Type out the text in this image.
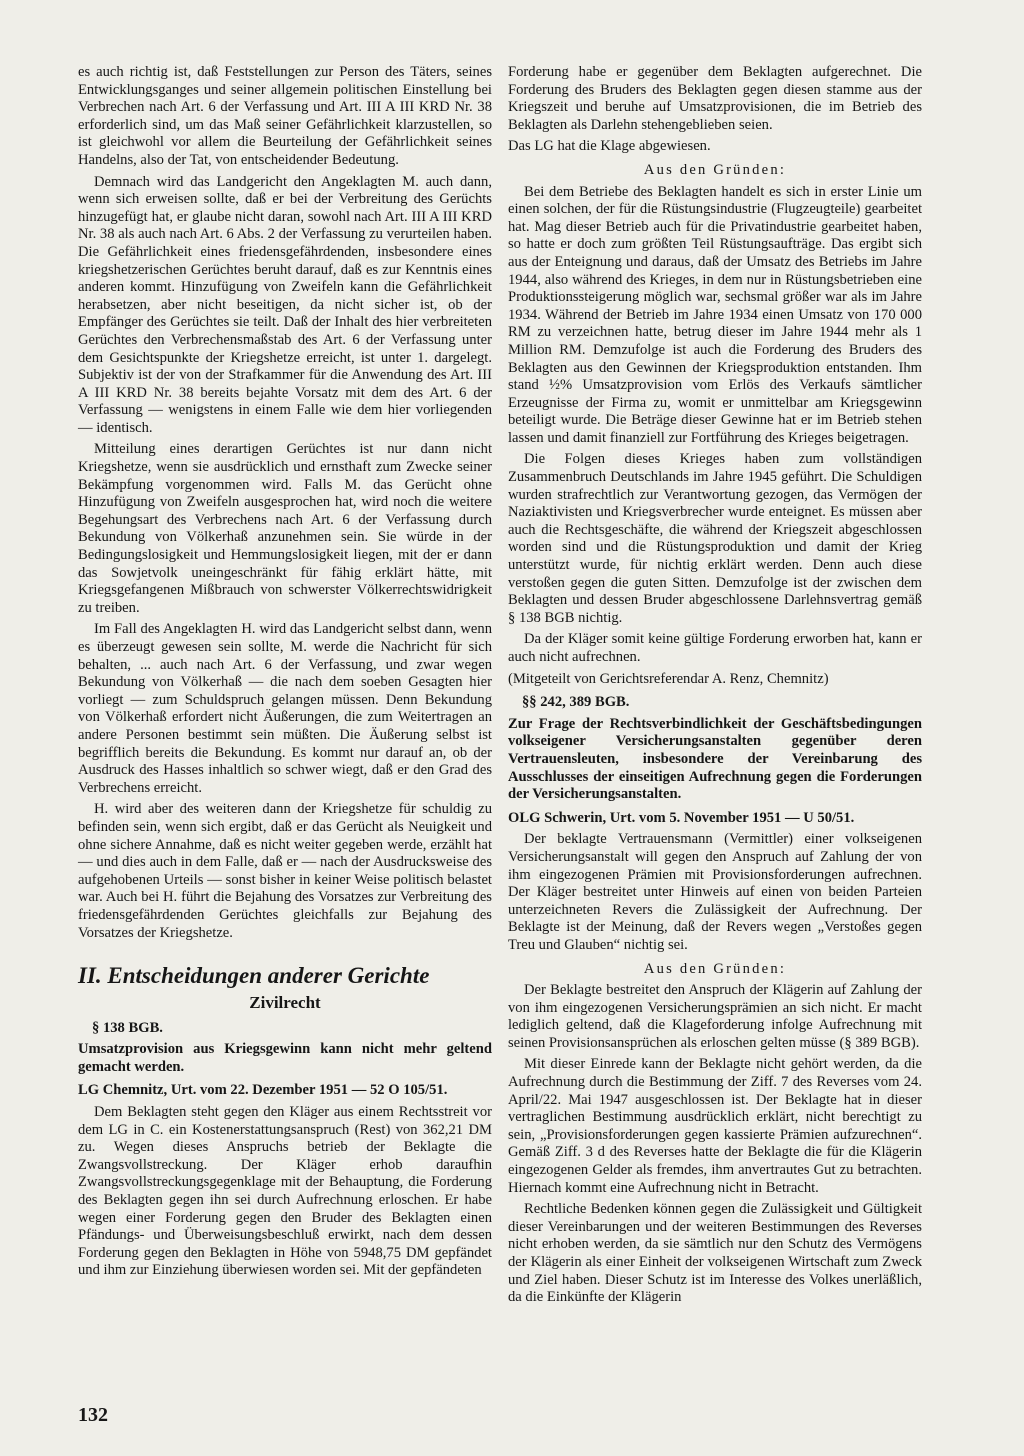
es auch richtig ist, daß Feststellungen zur Person des Täters, seines Entwicklungsganges und seiner allgemein politischen Einstellung bei Verbrechen nach Art. 6 der Verfassung und Art. III A III KRD Nr. 38 erforderlich sind, um das Maß seiner Gefährlichkeit klarzustellen, so ist gleichwohl vor allem die Beurteilung der Gefährlichkeit seines Handelns, also der Tat, von entscheidender Bedeutung.

Demnach wird das Landgericht den Angeklagten M. auch dann, wenn sich erweisen sollte, daß er bei der Verbreitung des Gerüchts hinzugefügt hat, er glaube nicht daran, sowohl nach Art. III A III KRD Nr. 38 als auch nach Art. 6 Abs. 2 der Verfassung zu verurteilen haben. Die Gefährlichkeit eines friedensgefährdenden, insbesondere eines kriegshetzerischen Gerüchtes beruht darauf, daß es zur Kenntnis eines anderen kommt. Hinzufügung von Zweifeln kann die Gefährlichkeit herabsetzen, aber nicht beseitigen, da nicht sicher ist, ob der Empfänger des Gerüchtes sie teilt. Daß der Inhalt des hier verbreiteten Gerüchtes den Verbrechensmaßstab des Art. 6 der Verfassung unter dem Gesichtspunkte der Kriegshetze erreicht, ist unter 1. dargelegt. Subjektiv ist der von der Strafkammer für die Anwendung des Art. III A III KRD Nr. 38 bereits bejahte Vorsatz mit dem des Art. 6 der Verfassung — wenigstens in einem Falle wie dem hier vorliegenden — identisch.

Mitteilung eines derartigen Gerüchtes ist nur dann nicht Kriegshetze, wenn sie ausdrücklich und ernsthaft zum Zwecke seiner Bekämpfung vorgenommen wird. Falls M. das Gerücht ohne Hinzufügung von Zweifeln ausgesprochen hat, wird noch die weitere Begehungsart des Verbrechens nach Art. 6 der Verfassung durch Bekundung von Völkerhaß anzunehmen sein. Sie würde in der Bedingungslosigkeit und Hemmungslosigkeit liegen, mit der er dann das Sowjetvolk uneingeschränkt für fähig erklärt hätte, mit Kriegsgefangenen Mißbrauch von schwerster Völkerrechtswidrigkeit zu treiben.

Im Fall des Angeklagten H. wird das Landgericht selbst dann, wenn es überzeugt gewesen sein sollte, M. werde die Nachricht für sich behalten, ... auch nach Art. 6 der Verfassung, und zwar wegen Bekundung von Völkerhaß — die nach dem soeben Gesagten hier vorliegt — zum Schuldspruch gelangen müssen. Denn Bekundung von Völkerhaß erfordert nicht Äußerungen, die zum Weitertragen an andere Personen bestimmt sein müßten. Die Äußerung selbst ist begrifflich bereits die Bekundung. Es kommt nur darauf an, ob der Ausdruck des Hasses inhaltlich so schwer wiegt, daß er den Grad des Verbrechens erreicht.

H. wird aber des weiteren dann der Kriegshetze für schuldig zu befinden sein, wenn sich ergibt, daß er das Gerücht als Neuigkeit und ohne sichere Annahme, daß es nicht weiter gegeben werde, erzählt hat — und dies auch in dem Falle, daß er — nach der Ausdrucksweise des aufgehobenen Urteils — sonst bisher in keiner Weise politisch belastet war. Auch bei H. führt die Bejahung des Vorsatzes zur Verbreitung des friedensgefährdenden Gerüchtes gleichfalls zur Bejahung des Vorsatzes der Kriegshetze.

II. Entscheidungen anderer Gerichte
Zivilrecht
§ 138 BGB.
Umsatzprovision aus Kriegsgewinn kann nicht mehr geltend gemacht werden.
LG Chemnitz, Urt. vom 22. Dezember 1951 — 52 O 105/51.

Dem Beklagten steht gegen den Kläger aus einem Rechtsstreit vor dem LG in C. ein Kostenerstattungsanspruch (Rest) von 362,21 DM zu. Wegen dieses Anspruchs betrieb der Beklagte die Zwangsvollstreckung. Der Kläger erhob daraufhin Zwangsvollstreckungsgegenklage mit der Behauptung, die Forderung des Beklagten gegen ihn sei durch Aufrechnung erloschen. Er habe wegen einer Forderung gegen den Bruder des Beklagten einen Pfändungs- und Überweisungsbeschluß erwirkt, nach dem dessen Forderung gegen den Beklagten in Höhe von 5948,75 DM gepfändet und ihm zur Einziehung überwiesen worden sei. Mit der gepfändeten

Forderung habe er gegenüber dem Beklagten aufgerechnet. Die Forderung des Bruders des Beklagten gegen diesen stamme aus der Kriegszeit und beruhe auf Umsatzprovisionen, die im Betrieb des Beklagten als Darlehn stehengeblieben seien.

Das LG hat die Klage abgewiesen.

Aus den Gründen:

Bei dem Betriebe des Beklagten handelt es sich in erster Linie um einen solchen, der für die Rüstungsindustrie (Flugzeugteile) gearbeitet hat. Mag dieser Betrieb auch für die Privatindustrie gearbeitet haben, so hatte er doch zum größten Teil Rüstungsaufträge. Das ergibt sich aus der Enteignung und daraus, daß der Umsatz des Betriebs im Jahre 1944, also während des Krieges, in dem nur in Rüstungsbetrieben eine Produktionssteigerung möglich war, sechsmal größer war als im Jahre 1934. Während der Betrieb im Jahre 1934 einen Umsatz von 170 000 RM zu verzeichnen hatte, betrug dieser im Jahre 1944 mehr als 1 Million RM. Demzufolge ist auch die Forderung des Bruders des Beklagten aus den Gewinnen der Kriegsproduktion entstanden. Ihm stand ½% Umsatzprovision vom Erlös des Verkaufs sämtlicher Erzeugnisse der Firma zu, womit er unmittelbar am Kriegsgewinn beteiligt wurde. Die Beträge dieser Gewinne hat er im Betrieb stehen lassen und damit finanziell zur Fortführung des Krieges beigetragen.

Die Folgen dieses Krieges haben zum vollständigen Zusammenbruch Deutschlands im Jahre 1945 geführt. Die Schuldigen wurden strafrechtlich zur Verantwortung gezogen, das Vermögen der Naziaktivisten und Kriegsverbrecher wurde enteignet. Es müssen aber auch die Rechtsgeschäfte, die während der Kriegszeit abgeschlossen worden sind und die Rüstungsproduktion und damit der Krieg unterstützt wurde, für nichtig erklärt werden. Denn auch diese verstoßen gegen die guten Sitten. Demzufolge ist der zwischen dem Beklagten und dessen Bruder abgeschlossene Darlehnsvertrag gemäß § 138 BGB nichtig.

Da der Kläger somit keine gültige Forderung erworben hat, kann er auch nicht aufrechnen.

(Mitgeteilt von Gerichtsreferendar A. Renz, Chemnitz)

§§ 242, 389 BGB.
Zur Frage der Rechtsverbindlichkeit der Geschäftsbedingungen volkseigener Versicherungsanstalten gegenüber deren Vertrauensleuten, insbesondere der Vereinbarung des Ausschlusses der einseitigen Aufrechnung gegen die Forderungen der Versicherungsanstalten.
OLG Schwerin, Urt. vom 5. November 1951 — U 50/51.

Der beklagte Vertrauensmann (Vermittler) einer volkseigenen Versicherungsanstalt will gegen den Anspruch auf Zahlung der von ihm eingezogenen Prämien mit Provisionsforderungen aufrechnen. Der Kläger bestreitet unter Hinweis auf einen von beiden Parteien unterzeichneten Revers die Zulässigkeit der Aufrechnung. Der Beklagte ist der Meinung, daß der Revers wegen „Verstoßes gegen Treu und Glauben“ nichtig sei.

Aus den Gründen:

Der Beklagte bestreitet den Anspruch der Klägerin auf Zahlung der von ihm eingezogenen Versicherungsprämien an sich nicht. Er macht lediglich geltend, daß die Klageforderung infolge Aufrechnung mit seinen Provisionsansprüchen als erloschen gelten müsse (§ 389 BGB).

Mit dieser Einrede kann der Beklagte nicht gehört werden, da die Aufrechnung durch die Bestimmung der Ziff. 7 des Reverses vom 24. April/22. Mai 1947 ausgeschlossen ist. Der Beklagte hat in dieser vertraglichen Bestimmung ausdrücklich erklärt, nicht berechtigt zu sein, „Provisionsforderungen gegen kassierte Prämien aufzurechnen“. Gemäß Ziff. 3 d des Reverses hatte der Beklagte die für die Klägerin eingezogenen Gelder als fremdes, ihm anvertrautes Gut zu betrachten. Hiernach kommt eine Aufrechnung nicht in Betracht.

Rechtliche Bedenken können gegen die Zulässigkeit und Gültigkeit dieser Vereinbarungen und der weiteren Bestimmungen des Reverses nicht erhoben werden, da sie sämtlich nur den Schutz des Vermögens der Klägerin als einer Einheit der volkseigenen Wirtschaft zum Zweck und Ziel haben. Dieser Schutz ist im Interesse des Volkes unerläßlich, da die Einkünfte der Klägerin

132
